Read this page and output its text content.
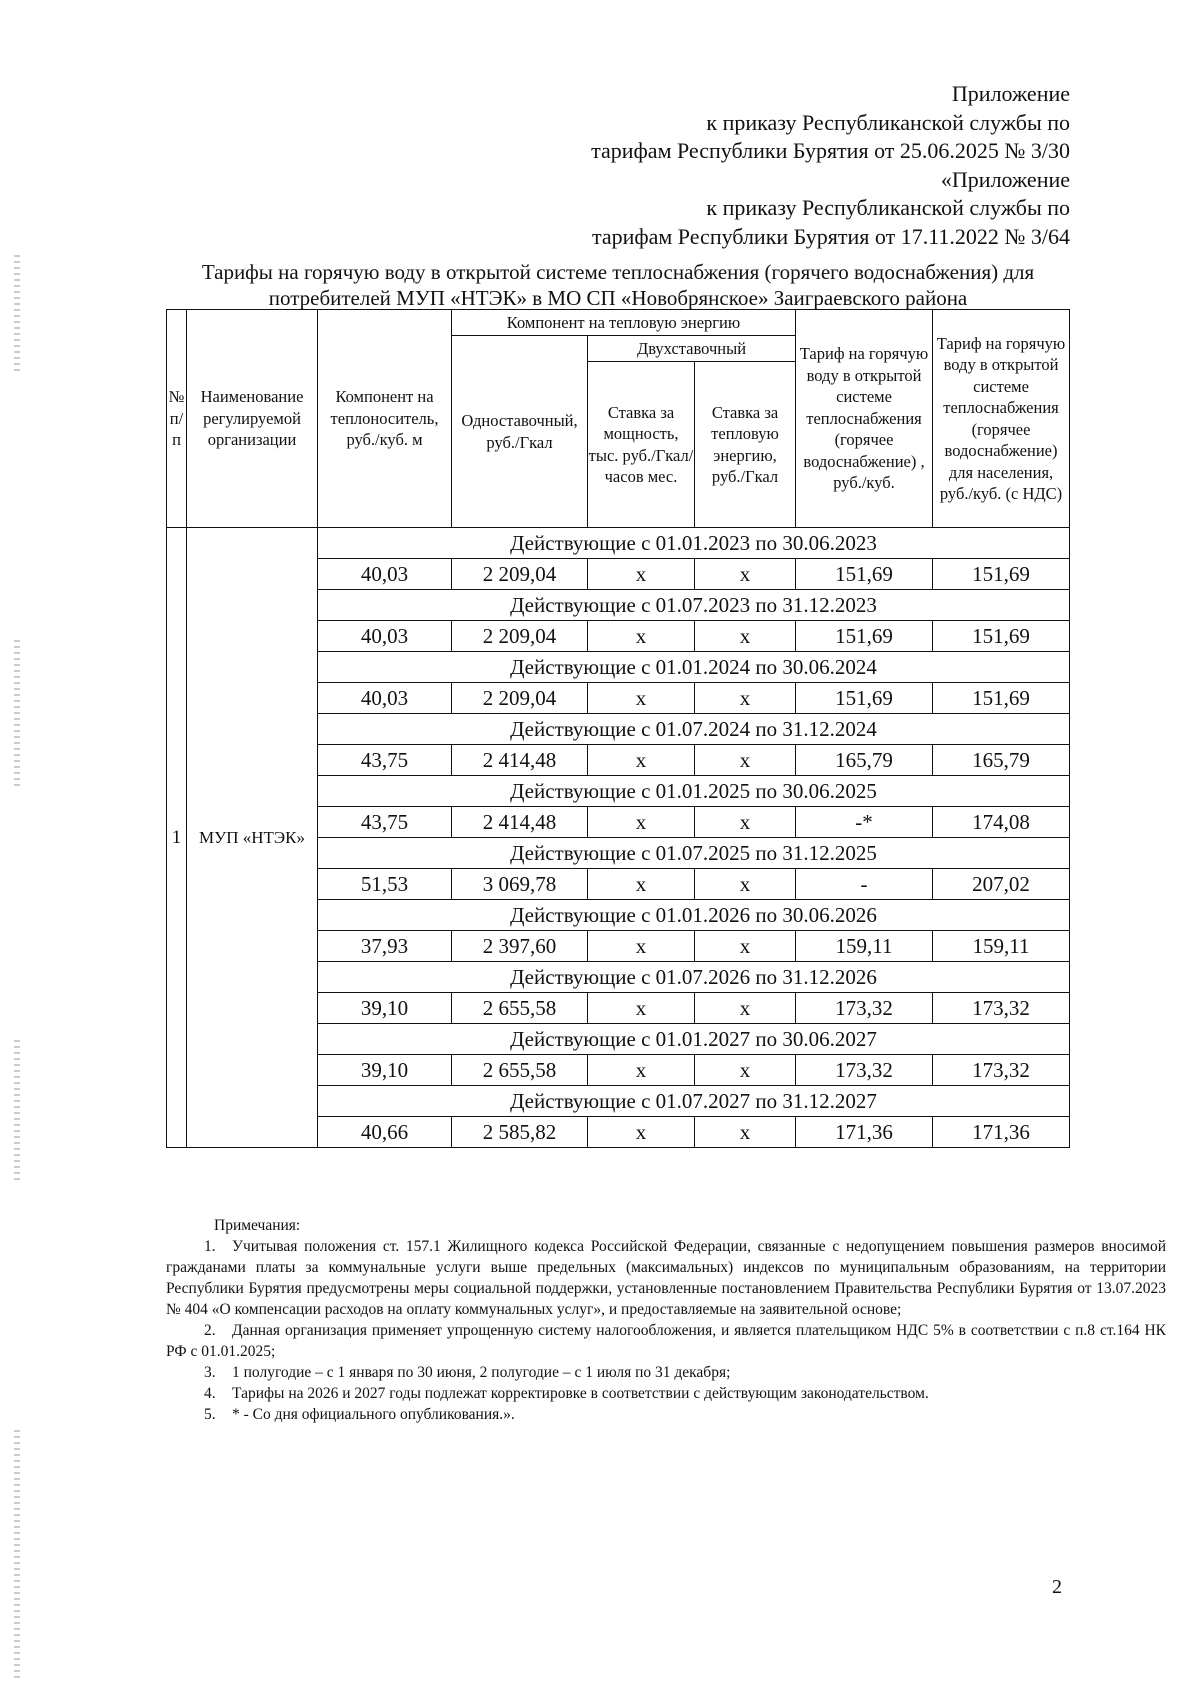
Приложение
к приказу Республиканской службы по
тарифам Республики Бурятия от 25.06.2025 № 3/30
«Приложение
к приказу Республиканской службы по
тарифам Республики Бурятия от 17.11.2022 № 3/64
Тарифы на горячую воду в открытой системе теплоснабжения (горячего водоснабжения) для
потребителей МУП «НТЭК» в МО СП «Новобрянское» Заиграевского района
№ п/п	Наименование регулируемой организации	Компонент на теплоноситель, руб./куб. м	Компонент на тепловую энергию			Тариф на горячую воду в открытой системе теплоснабжения (горячее водоснабжение) , руб./куб.	Тариф на горячую воду в открытой системе теплоснабжения (горячее водоснабжение) для населения, руб./куб. (с НДС)
			Одноставочный, руб./Гкал	Двухставочный			
				Ставка за мощность, тыс. руб./Гкал/ часов мес.	Ставка за тепловую энергию, руб./Гкал		
1	МУП «НТЭК»	Действующие с 01.01.2023 по 30.06.2023					
		40,03	2 209,04	х	х	151,69	151,69
		Действующие с 01.07.2023 по 31.12.2023					
		40,03	2 209,04	х	х	151,69	151,69
		Действующие с 01.01.2024 по 30.06.2024					
		40,03	2 209,04	х	х	151,69	151,69
		Действующие с 01.07.2024 по 31.12.2024					
		43,75	2 414,48	х	х	165,79	165,79
		Действующие с 01.01.2025 по 30.06.2025					
		43,75	2 414,48	х	х	-*	174,08
		Действующие с 01.07.2025 по 31.12.2025					
		51,53	3 069,78	х	х	-	207,02
		Действующие с 01.01.2026 по 30.06.2026					
		37,93	2 397,60	х	х	159,11	159,11
		Действующие с 01.07.2026 по 31.12.2026					
		39,10	2 655,58	х	х	173,32	173,32
		Действующие с 01.01.2027 по 30.06.2027					
		39,10	2 655,58	х	х	173,32	173,32
		Действующие с 01.07.2027 по 31.12.2027					
		40,66	2 585,82	х	х	171,36	171,36
Примечания:
1. Учитывая положения ст. 157.1 Жилищного кодекса Российской Федерации, связанные с недопущением повышения размеров вносимой гражданами платы за коммунальные услуги выше предельных (максимальных) индексов по муниципальным образованиям, на территории Республики Бурятия предусмотрены меры социальной поддержки, установленные постановлением Правительства Республики Бурятия от 13.07.2023 № 404 «О компенсации расходов на оплату коммунальных услуг», и предоставляемые на заявительной основе;
2. Данная организация применяет упрощенную систему налогообложения, и является плательщиком НДС 5% в соответствии с п.8 ст.164 НК РФ с 01.01.2025;
3. 1 полугодие – с 1 января по 30 июня, 2 полугодие – с 1 июля по 31 декабря;
4. Тарифы на 2026 и 2027 годы подлежат корректировке в соответствии с действующим законодательством.
5. * - Со дня официального опубликования.».
2
